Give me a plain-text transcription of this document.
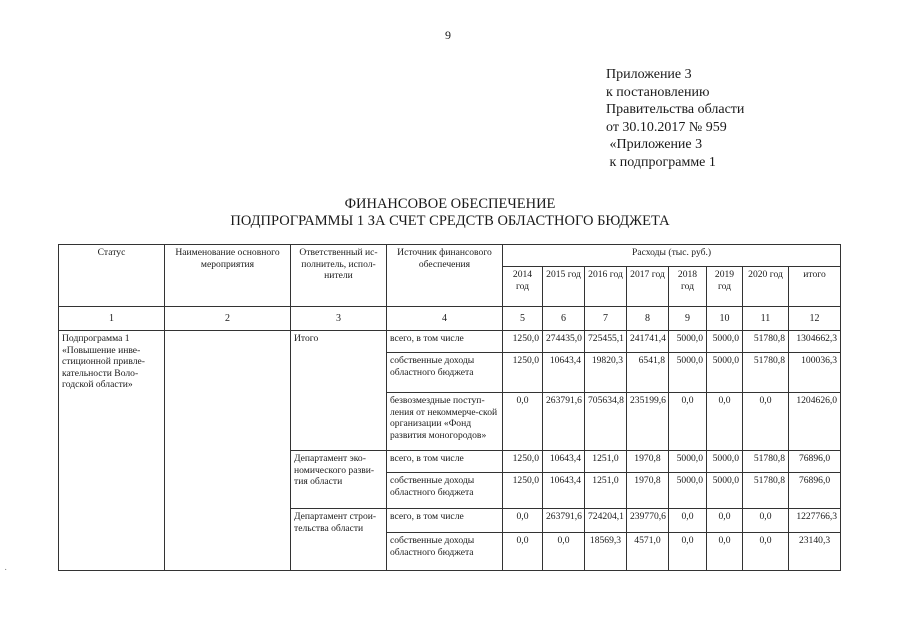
9
Приложение 3
к постановлению
Правительства области
от 30.10.2017 № 959
«Приложение 3
к подпрограмме 1
ФИНАНСОВОЕ ОБЕСПЕЧЕНИЕ
ПОДПРОГРАММЫ 1 ЗА СЧЕТ СРЕДСТВ ОБЛАСТНОГО БЮДЖЕТА
Статус	Наименование основного мероприятия	Ответственный ис-полнитель, испол-нители	Источник финансового обеспечения	Расходы (тыс. руб.)							
				2014 год	2015 год	2016 год	2017 год	2018 год	2019 год	2020 год	итого
1	2	3	4	5	6	7	8	9	10	11	12
Подпрограмма 1 «Повышение инве-стиционной привле-кательности Воло-годской области»		Итого	всего, в том числе	1250,0	274435,0	725455,1	241741,4	5000,0	5000,0	51780,8	1304662,3
			собственные доходы областного бюджета	1250,0	10643,4	19820,3	6541,8	5000,0	5000,0	51780,8	100036,3
			безвозмездные поступ-ления от некоммерче-ской организации «Фонд развития моногородов»	0,0	263791,6	705634,8	235199,6	0,0	0,0	0,0	1204626,0
		Департамент эко-номического разви-тия области	всего, в том числе	1250,0	10643,4	1251,0	1970,8	5000,0	5000,0	51780,8	76896,0
			собственные доходы областного бюджета	1250,0	10643,4	1251,0	1970,8	5000,0	5000,0	51780,8	76896,0
		Департамент строи-тельства области	всего, в том числе	0,0	263791,6	724204,1	239770,6	0,0	0,0	0,0	1227766,3
			собственные доходы областного бюджета	0,0	0,0	18569,3	4571,0	0,0	0,0	0,0	23140,3
˙
